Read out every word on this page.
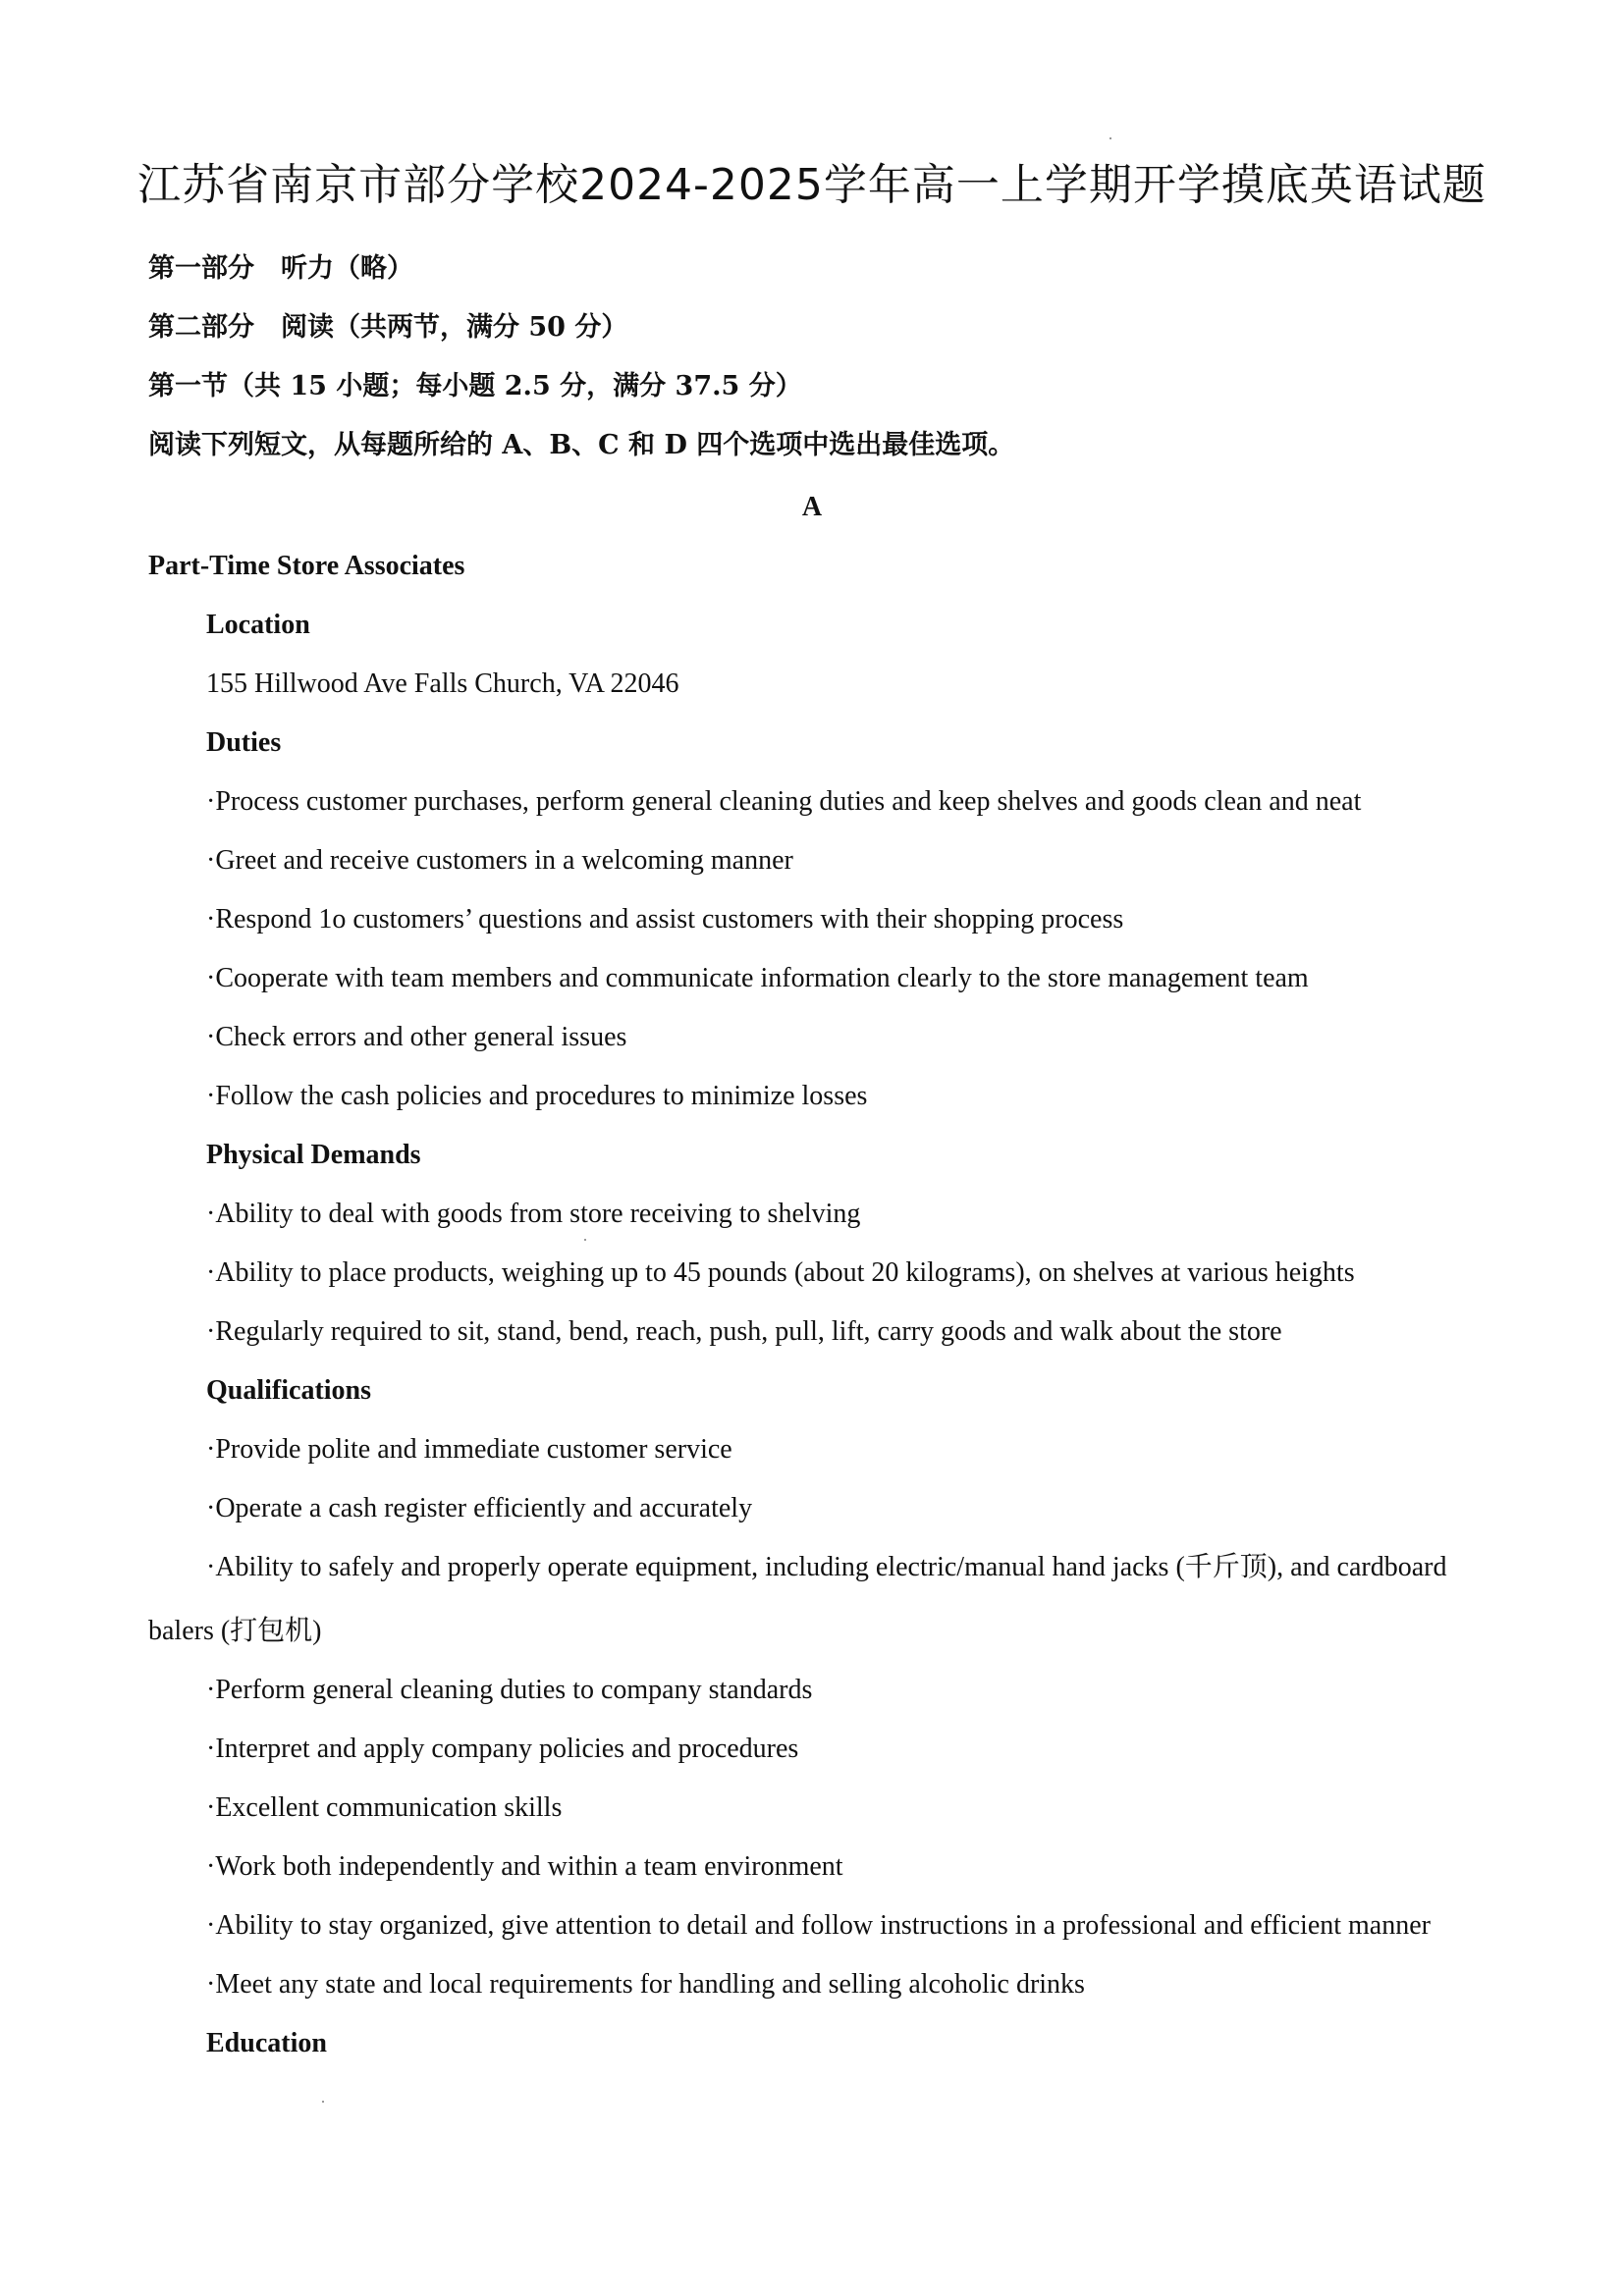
江苏省南京市部分学校2024-2025学年高一上学期开学摸底英语试题
第一部分　听力（略）
第二部分　阅读（共两节，满分 50 分）
第一节（共 15 小题；每小题 2.5 分，满分 37.5 分）
阅读下列短文，从每题所给的 A、B、C 和 D 四个选项中选出最佳选项。
A
Part-Time Store Associates
Location
155 Hillwood Ave Falls Church, VA 22046
Duties
·Process customer purchases, perform general cleaning duties and keep shelves and goods clean and neat
·Greet and receive customers in a welcoming manner
·Respond 1o customers’ questions and assist customers with their shopping process
·Cooperate with team members and communicate information clearly to the store management team
·Check errors and other general issues
·Follow the cash policies and procedures to minimize losses
Physical Demands
·Ability to deal with goods from store receiving to shelving
·Ability to place products, weighing up to 45 pounds (about 20 kilograms), on shelves at various heights
·Regularly required to sit, stand, bend, reach, push, pull, lift, carry goods and walk about the store
Qualifications
·Provide polite and immediate customer service
·Operate a cash register efficiently and accurately
·Ability to safely and properly operate equipment, including electric/manual hand jacks (千斤顶), and cardboard
balers (打包机)
·Perform general cleaning duties to company standards
·Interpret and apply company policies and procedures
·Excellent communication skills
·Work both independently and within a team environment
·Ability to stay organized, give attention to detail and follow instructions in a professional and efficient manner
·Meet any state and local requirements for handling and selling alcoholic drinks
Education
